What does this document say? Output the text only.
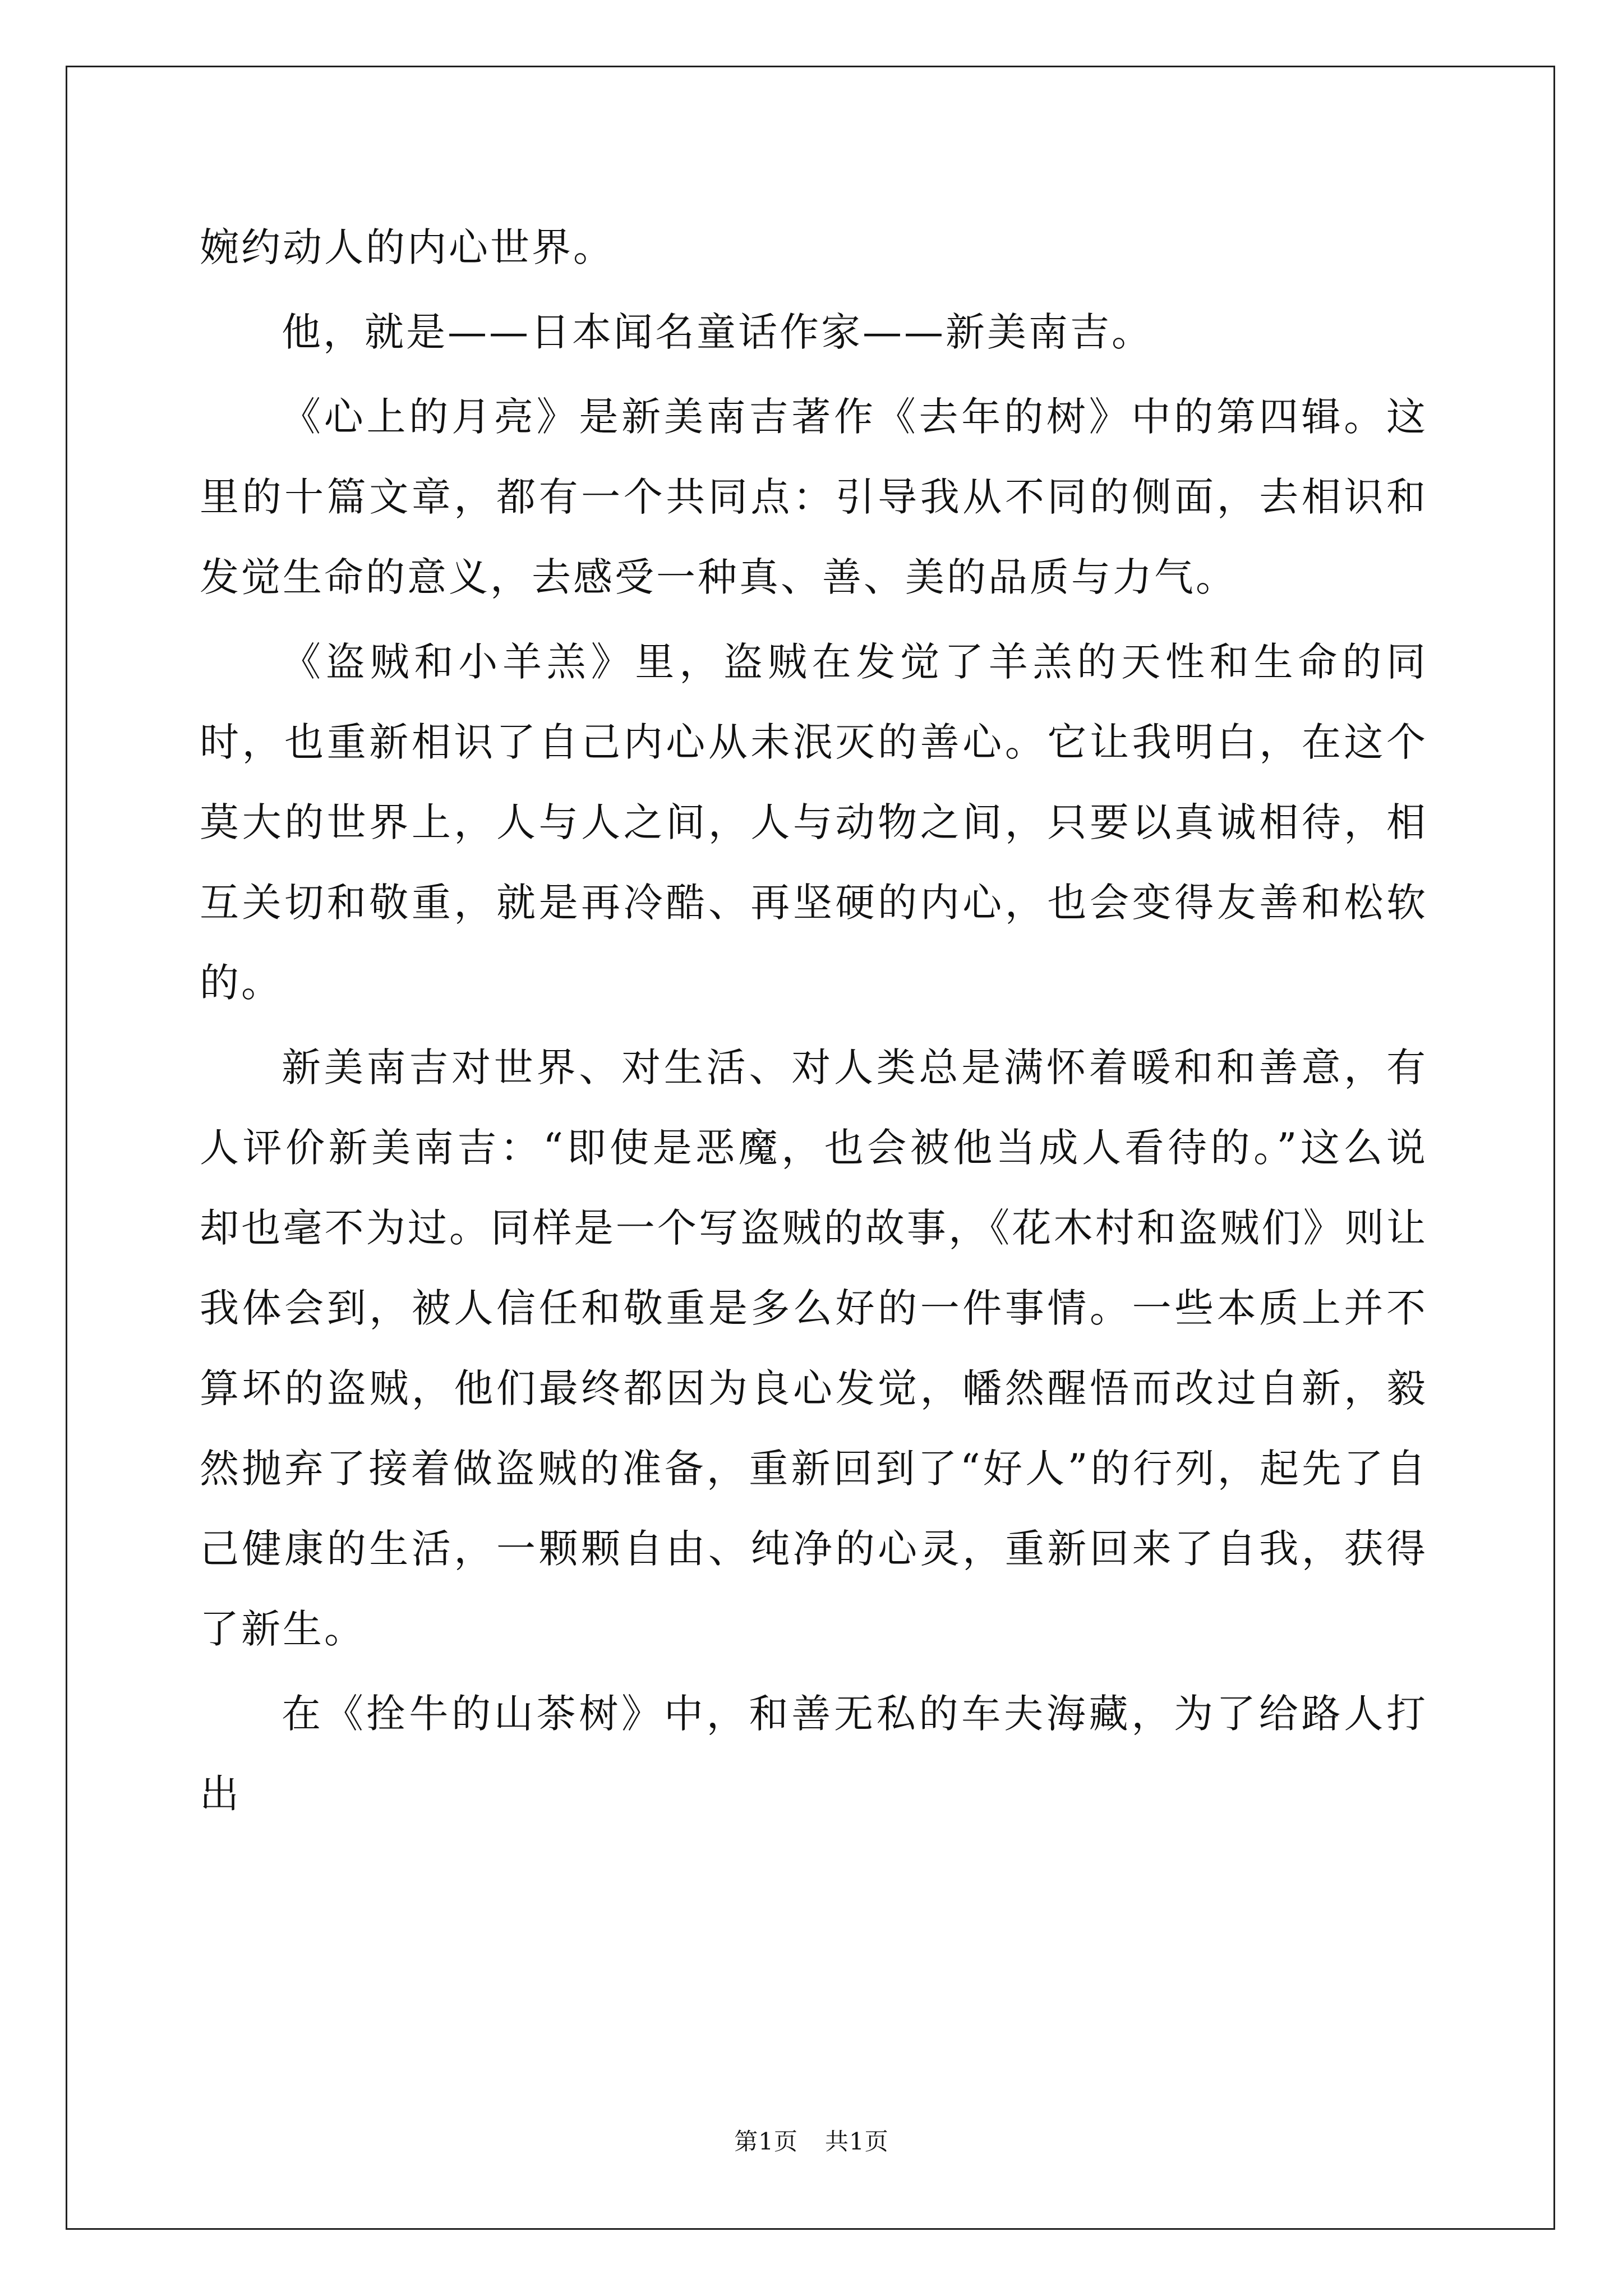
婉约动人的内心世界。

他，就是——日本闻名童话作家——新美南吉。

《心上的月亮》是新美南吉著作《去年的树》中的第四辑。这里的十篇文章，都有一个共同点：引导我从不同的侧面，去相识和发觉生命的意义，去感受一种真、善、美的品质与力气。

《盗贼和小羊羔》里，盗贼在发觉了羊羔的天性和生命的同时，也重新相识了自己内心从未泯灭的善心。它让我明白，在这个莫大的世界上，人与人之间，人与动物之间，只要以真诚相待，相互关切和敬重，就是再冷酷、再坚硬的内心，也会变得友善和松软的。

新美南吉对世界、对生活、对人类总是满怀着暖和和善意，有人评价新美南吉：“即使是恶魔，也会被他当成人看待的。”这么说却也毫不为过。同样是一个写盗贼的故事，《花木村和盗贼们》则让我体会到，被人信任和敬重是多么好的一件事情。一些本质上并不算坏的盗贼，他们最终都因为良心发觉，幡然醒悟而改过自新，毅然抛弃了接着做盗贼的准备，重新回到了“好人”的行列，起先了自己健康的生活，一颗颗自由、纯净的心灵，重新回来了自我，获得了新生。

在《拴牛的山茶树》中，和善无私的车夫海藏，为了给路人打出

第1页 共1页
